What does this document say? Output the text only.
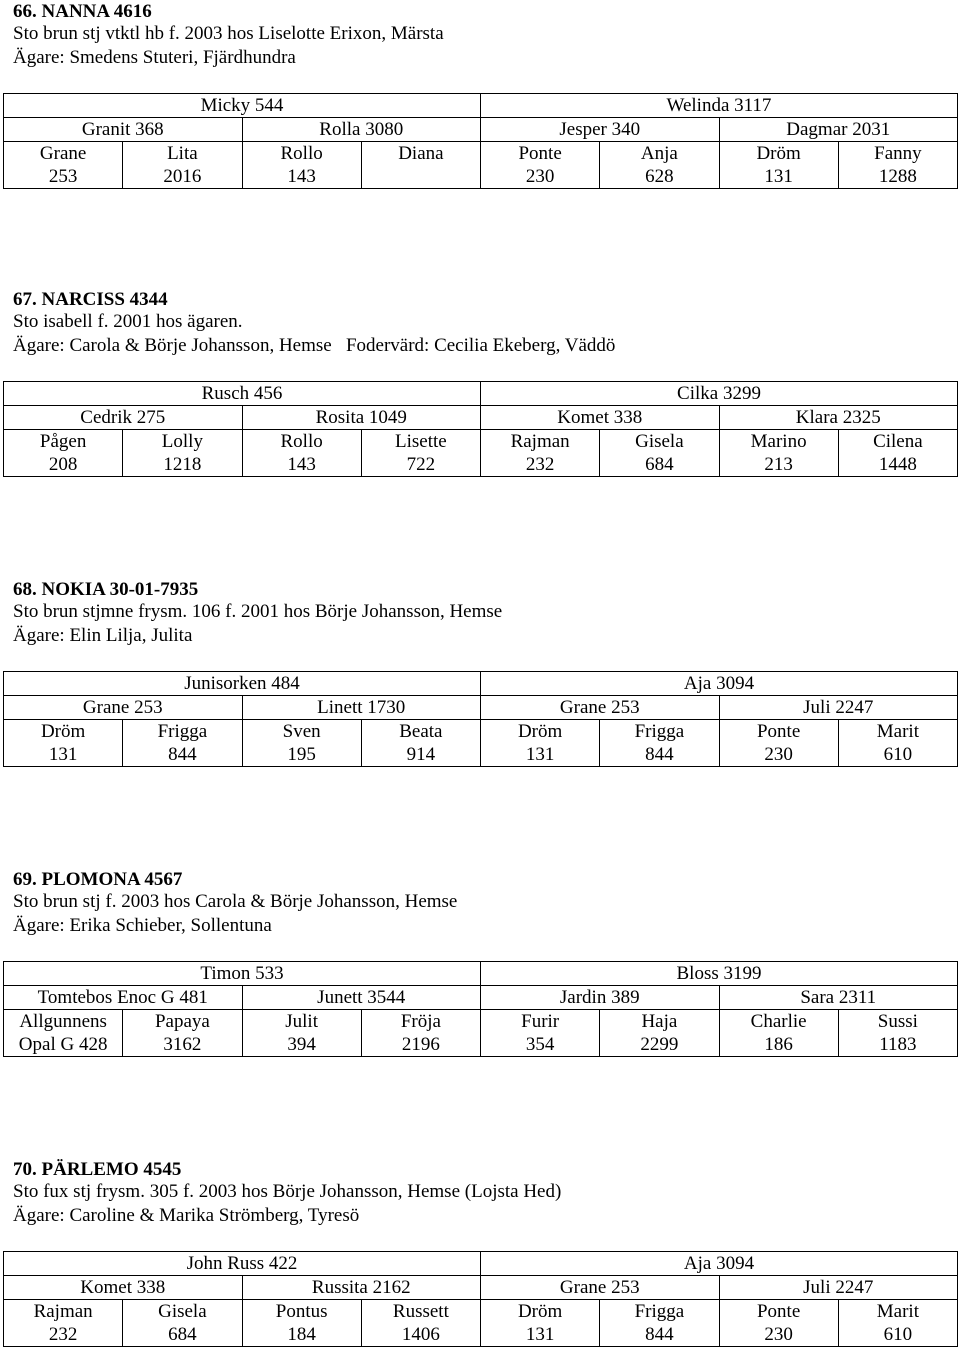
66. NANNA 4616
Sto brun stj vtktl hb f. 2003 hos Liselotte Erixon, Märsta
Ägare: Smedens Stuteri, Fjärdhundra
Micky 544				Welinda 3117			
Granit 368		Rolla 3080		Jesper 340		Dagmar 2031	
Grane	Lita	Rollo	Diana	Ponte	Anja	Dröm	Fanny
253	2016	143		230	628	131	1288
67. NARCISS 4344
Sto isabell f. 2001 hos ägaren.
Ägare: Carola & Börje Johansson, Hemse   Fodervärd: Cecilia Ekeberg, Väddö
Rusch 456				Cilka 3299			
Cedrik 275		Rosita 1049		Komet 338		Klara 2325	
Pågen	Lolly	Rollo	Lisette	Rajman	Gisela	Marino	Cilena
208	1218	143	722	232	684	213	1448
68. NOKIA 30-01-7935
Sto brun stjmne frysm. 106 f. 2001 hos Börje Johansson, Hemse
Ägare: Elin Lilja, Julita
Junisorken 484				Aja 3094			
Grane 253		Linett 1730		Grane 253		Juli 2247	
Dröm	Frigga	Sven	Beata	Dröm	Frigga	Ponte	Marit
131	844	195	914	131	844	230	610
69. PLOMONA 4567
Sto brun stj f. 2003 hos Carola & Börje Johansson, Hemse
Ägare: Erika Schieber, Sollentuna
Timon 533				Bloss 3199			
Tomtebos Enoc G 481		Junett 3544		Jardin 389		Sara 2311	
Allgunnens	Papaya	Julit	Fröja	Furir	Haja	Charlie	Sussi
Opal G 428	3162	394	2196	354	2299	186	1183
70. PÄRLEMO 4545
Sto fux stj frysm. 305 f. 2003 hos Börje Johansson, Hemse (Lojsta Hed)
Ägare: Caroline & Marika Strömberg, Tyresö
John Russ 422				Aja 3094			
Komet 338		Russita 2162		Grane 253		Juli 2247	
Rajman	Gisela	Pontus	Russett	Dröm	Frigga	Ponte	Marit
232	684	184	1406	131	844	230	610
